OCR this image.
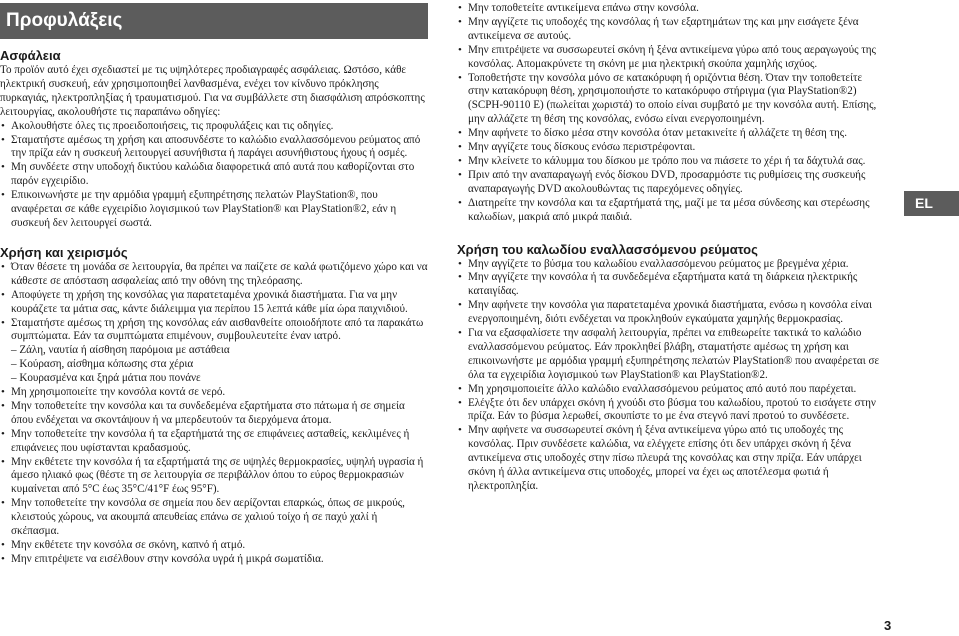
Προφυλάξεις
Ασφάλεια

Το προϊόν αυτό έχει σχεδιαστεί με τις υψηλότερες προδιαγραφές ασφάλειας. Ωστόσο, κάθε ηλεκτρική συσκευή, εάν χρησιμοποιηθεί λανθασμένα, ενέχει τον κίνδυνο πρόκλησης πυρκαγιάς, ηλεκτροπληξίας ή τραυματισμού. Για να συμβάλλετε στη διασφάλιση απρόσκοπτης λειτουργίας, ακολουθήστε τις παραπάνω οδηγίες:

• Ακολουθήστε όλες τις προειδοποιήσεις, τις προφυλάξεις και τις οδηγίες.
• Σταματήστε αμέσως τη χρήση και αποσυνδέστε το καλώδιο εναλλασσόμενου ρεύματος από την πρίζα εάν η συσκευή λειτουργεί ασυνήθιστα ή παράγει ασυνήθιστους ήχους ή οσμές.
• Μη συνδέετε στην υποδοχή δικτύου καλώδια διαφορετικά από αυτά που καθορίζονται στο παρόν εγχειρίδιο.
• Επικοινωνήστε με την αρμόδια γραμμή εξυπηρέτησης πελατών PlayStation®, που αναφέρεται σε κάθε εγχειρίδιο λογισμικού των PlayStation® και PlayStation®2, εάν η συσκευή δεν λειτουργεί σωστά.
Χρήση και χειρισμός
• Όταν θέσετε τη μονάδα σε λειτουργία, θα πρέπει να παίζετε σε καλά φωτιζόμενο χώρο και να κάθεστε σε απόσταση ασφαλείας από την οθόνη της τηλεόρασης.
• Αποφύγετε τη χρήση της κονσόλας για παρατεταμένα χρονικά διαστήματα. Για να μην κουράζετε τα μάτια σας, κάντε διάλειμμα για περίπου 15 λεπτά κάθε μία ώρα παιχνιδιού.
• Σταματήστε αμέσως τη χρήση της κονσόλας εάν αισθανθείτε οποιοδήποτε από τα παρακάτω συμπτώματα. Εάν τα συμπτώματα επιμένουν, συμβουλευτείτε έναν ιατρό.
– Ζάλη, ναυτία ή αίσθηση παρόμοια με αστάθεια
– Κούραση, αίσθημα κόπωσης στα χέρια
– Κουρασμένα και ξηρά μάτια που πονάνε
• Μη χρησιμοποιείτε την κονσόλα κοντά σε νερό.
• Μην τοποθετείτε την κονσόλα και τα συνδεδεμένα εξαρτήματα στο πάτωμα ή σε σημεία όπου ενδέχεται να σκοντάψουν ή να μπερδευτούν τα διερχόμενα άτομα.
• Μην τοποθετείτε την κονσόλα ή τα εξαρτήματά της σε επιφάνειες ασταθείς, κεκλιμένες ή επιφάνειες που υφίστανται κραδασμούς.
• Μην εκθέτετε την κονσόλα ή τα εξαρτήματά της σε υψηλές θερμοκρασίες, υψηλή υγρασία ή άμεσο ηλιακό φως (θέστε τη σε λειτουργία σε περιβάλλον όπου το εύρος θερμοκρασιών κυμαίνεται από 5°C έως 35°C/41°F έως 95°F).
• Μην τοποθετείτε την κονσόλα σε σημεία που δεν αερίζονται επαρκώς, όπως σε μικρούς, κλειστούς χώρους, να ακουμπά απευθείας επάνω σε χαλιού τοίχο ή σε παχύ χαλί ή σκέπασμα.
• Μην εκθέτετε την κονσόλα σε σκόνη, καπνό ή ατμό.
• Μην επιτρέψετε να εισέλθουν στην κονσόλα υγρά ή μικρά σωματίδια.
• Μην τοποθετείτε αντικείμενα επάνω στην κονσόλα.
• Μην αγγίζετε τις υποδοχές της κονσόλας ή των εξαρτημάτων της και μην εισάγετε ξένα αντικείμενα σε αυτούς.
• Μην επιτρέψετε να συσσωρευτεί σκόνη ή ξένα αντικείμενα γύρω από τους αεραγωγούς της κονσόλας. Απομακρύνετε τη σκόνη με μια ηλεκτρική σκούπα χαμηλής ισχύος.
• Τοποθετήστε την κονσόλα μόνο σε κατακόρυφη ή οριζόντια θέση. Όταν την τοποθετείτε στην κατακόρυφη θέση, χρησιμοποιήστε το κατακόρυφο στήριγμα (για PlayStation®2) (SCPH-90110 E) (πωλείται χωριστά) το οποίο είναι συμβατό με την κονσόλα αυτή. Επίσης, μην αλλάζετε τη θέση της κονσόλας, ενόσω είναι ενεργοποιημένη.
• Μην αφήνετε το δίσκο μέσα στην κονσόλα όταν μετακινείτε ή αλλάζετε τη θέση της.
• Μην αγγίζετε τους δίσκους ενόσω περιστρέφονται.
• Μην κλείνετε το κάλυμμα του δίσκου με τρόπο που να πιάσετε το χέρι ή τα δάχτυλά σας.
• Πριν από την αναπαραγωγή ενός δίσκου DVD, προσαρμόστε τις ρυθμίσεις της συσκευής αναπαραγωγής DVD ακολουθώντας τις παρεχόμενες οδηγίες.
• Διατηρείτε την κονσόλα και τα εξαρτήματά της, μαζί με τα μέσα σύνδεσης και στερέωσης καλωδίων, μακριά από μικρά παιδιά.
Χρήση του καλωδίου εναλλασσόμενου ρεύματος
• Μην αγγίζετε το βύσμα του καλωδίου εναλλασσόμενου ρεύματος με βρεγμένα χέρια.
• Μην αγγίζετε την κονσόλα ή τα συνδεδεμένα εξαρτήματα κατά τη διάρκεια ηλεκτρικής καταιγίδας.
• Μην αφήνετε την κονσόλα για παρατεταμένα χρονικά διαστήματα, ενόσω η κονσόλα είναι ενεργοποιημένη, διότι ενδέχεται να προκληθούν εγκαύματα χαμηλής θερμοκρασίας.
• Για να εξασφαλίσετε την ασφαλή λειτουργία, πρέπει να επιθεωρείτε τακτικά το καλώδιο εναλλασσόμενου ρεύματος. Εάν προκληθεί βλάβη, σταματήστε αμέσως τη χρήση και επικοινωνήστε με αρμόδια γραμμή εξυπηρέτησης πελατών PlayStation® που αναφέρεται σε όλα τα εγχειρίδια λογισμικού των PlayStation® και PlayStation®2.
• Μη χρησιμοποιείτε άλλο καλώδιο εναλλασσόμενου ρεύματος από αυτό που παρέχεται.
• Ελέγξτε ότι δεν υπάρχει σκόνη ή χνούδι στο βύσμα του καλωδίου, προτού το εισάγετε στην πρίζα. Εάν το βύσμα λερωθεί, σκουπίστε το με ένα στεγνό πανί προτού το συνδέσετε.
• Μην αφήνετε να συσσωρευτεί σκόνη ή ξένα αντικείμενα γύρω από τις υποδοχές της κονσόλας. Πριν συνδέσετε καλώδια, να ελέγχετε επίσης ότι δεν υπάρχει σκόνη ή ξένα αντικείμενα στις υποδοχές στην πίσω πλευρά της κονσόλας και στην πρίζα. Εάν υπάρχει σκόνη ή άλλα αντικείμενα στις υποδοχές, μπορεί να έχει ως αποτέλεσμα φωτιά ή ηλεκτροπληξία.
EL
3
